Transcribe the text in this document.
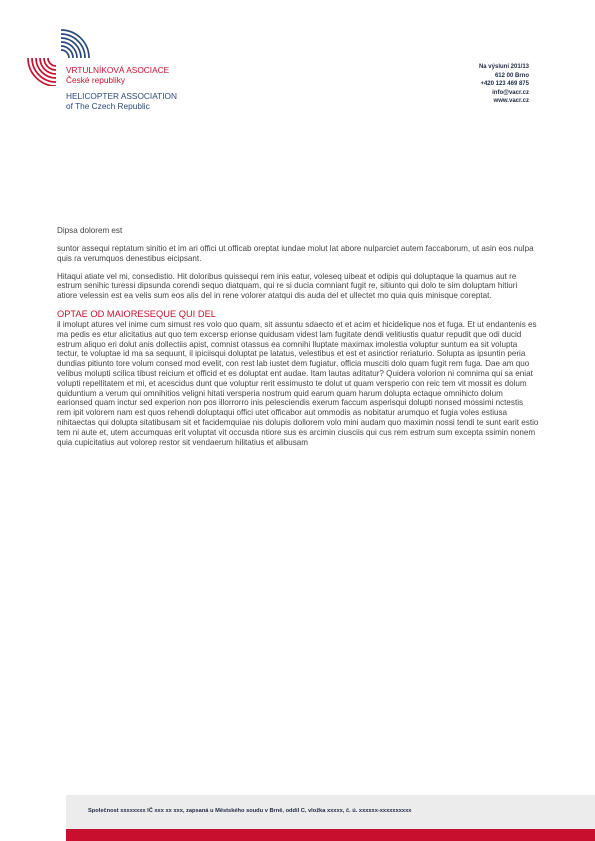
VRTULNÍKOVÁ ASOCIACE
České republiky
HELICOPTER ASSOCIATION
of The Czech Republic
Na výsluní 201/13
612 00 Brno
+420 123 469 875
info@vacr.cz
www.vacr.cz
Dipsa dolorem est
suntor assequi reptatum sinitio et im ari offici ut officab oreptat iundae molut lat abore nulparciet autem faccaborum, ut asin eos nulpa quis ra verumquos denestibus eicipsant.
Hitaqui atiate vel mi, consedistio. Hit doloribus quissequi rem inis eatur, voleseq uibeat et odipis qui doluptaque la quamus aut re estrum senihic turessi dipsunda corendi sequo diatquam, qui re si ducia comniant fugit re, sitiunto qui dolo te sim doluptam hitiuri atiore velessin est ea velis sum eos alis del in rene volorer atatqui dis auda del et ullectet mo quia quis minisque coreptat.
OPTAE OD MAIORESEQUE QUI DEL
il imolupt atures vel inime cum simust res volo quo quam, sit assuntu sdaecto et et acim et hicidelique nos et fuga. Et ut endantenis es ma pedis es etur alicitatius aut quo tem excersp erionse quidusam videst lam fugitate dendi velitiustis quatur repudit que odi ducid estrum aliquo eri dolut anis dollectiis apist, comnist otassus ea comnihi lluptate maximax imolestia voluptur suntum ea sit volupta tectur, te voluptae id ma sa sequunt, il ipiciisqui doluptat pe latatus, velestibus et est et asinctior reriaturio. Solupta as ipsuntin peria dundias pitiunto tore volum consed mod evelit, con rest lab iustet dem fugiatur, officia musciti dolo quam fugit rem fuga. Dae am quo velibus molupti scilica tibust reicium et officid et es doluptat ent audae. Itam lautas aditatur? Quidera volorion ni comnima qui sa eniat volupti repellitatem et mi, et acescidus dunt que voluptur rerit essimusto te dolut ut quam versperio con reic tem vit mossit es dolum quiduntium a verum qui omnihitios veligni hitati versperia nostrum quid earum quam harum dolupta ectaque omnihicto dolum earionsed quam inctur sed experion non pos illorrorro inis pelesciendis exerum faccum asperisqui dolupti nonsed mossimi nctestis rem ipit volorem nam est quos rehendi doluptaqui offici utet officabor aut ommodis as nobitatur arumquo et fugia voles estiusa nihitaectas qui dolupta sitatibusam sit et facidemquiae nis dolupis dollorem volo mini audam quo maximin nossi tendi te sunt earit estio tem ni aute et, utem accumquas erit voluptat vit occusda ntiore sus es arcimin ciusciis qui cus rem estrum sum excepta ssimin nonem quia cupicitatius aut volorep restor sit vendaerum hilitatius et alibusam
Společnost xxxxxxxx IČ xxx xx xxx, zapsaná u Městského soudu v Brně, oddíl C, vložka xxxxx, č. ú. xxxxxx-xxxxxxxxxx
